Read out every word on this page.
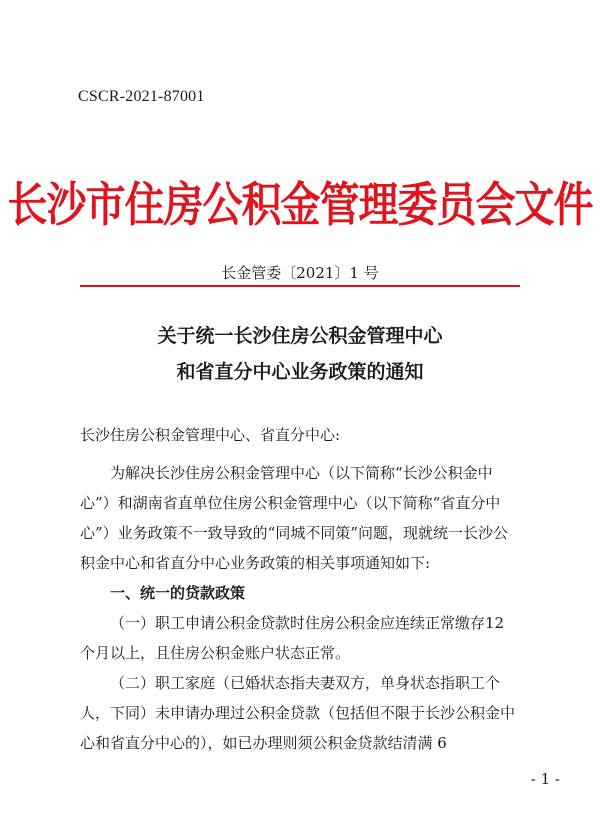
CSCR-2021-87001
长沙市住房公积金管理委员会文件
长金管委〔2021〕1 号
关于统一长沙住房公积金管理中心
和省直分中心业务政策的通知

长沙住房公积金管理中心、省直分中心:

为解决长沙住房公积金管理中心（以下简称“长沙公积金中心”）和湖南省直单位住房公积金管理中心（以下简称“省直分中心”）业务政策不一致导致的“同城不同策”问题，现就统一长沙公积金中心和省直分中心业务政策的相关事项通知如下:

一、统一的贷款政策

（一）职工申请公积金贷款时住房公积金应连续正常缴存12 个月以上，且住房公积金账户状态正常。

（二）职工家庭（已婚状态指夫妻双方，单身状态指职工个人，下同）未申请办理过公积金贷款（包括但不限于长沙公积金中心和省直分中心的），如已办理则须公积金贷款结清满 6

- 1 -
